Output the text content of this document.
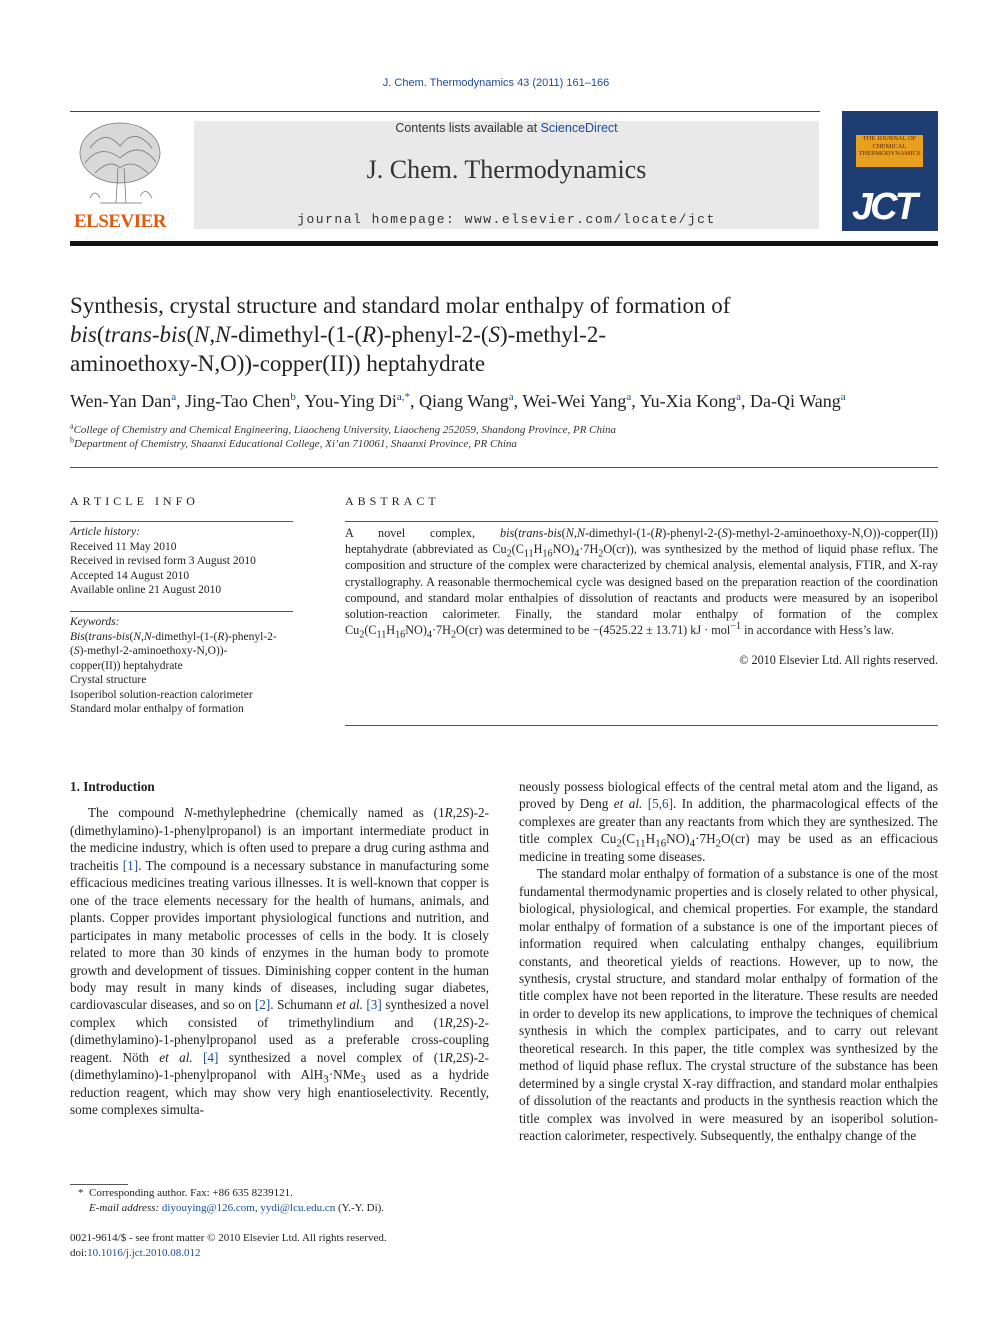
J. Chem. Thermodynamics 43 (2011) 161–166
ELSEVIER
Contents lists available at ScienceDirect
J. Chem. Thermodynamics
journal homepage: www.elsevier.com/locate/jct
THE JOURNAL OF CHEMICAL THERMODYNAMICS
JCT
Synthesis, crystal structure and standard molar enthalpy of formation of
bis(trans-bis(N,N-dimethyl-(1-(R)-phenyl-2-(S)-methyl-2-
aminoethoxy-N,O))-copper(II)) heptahydrate
Wen-Yan Dan$^a$, Jing-Tao Chen$^b$, You-Ying $Di^{a,*}$, Qiang Wang$^a$, Wei-Wei Yang$^a$, Yu-Xia Kong$^a$, Da-Qi Wang$^a$
$^a$College of Chemistry and Chemical Engineering, Liaocheng University, Liaocheng 252059, Shandong Province, PR China
$^b$Department of Chemistry, Shaanxi Educational College, Xi’an 710061, Shaanxi Province, PR China
ARTICLE INFO
Article history:
Received 11 May 2010
Received in revised form 3 August 2010
Accepted 14 August 2010
Available online 21 August 2010
Keywords:
Bis(trans-bis(N,N-dimethyl-(1-(R)-phenyl-2-
(S)-methyl-2-aminoethoxy-N,O))-
copper(II)) heptahydrate
Crystal structure
Isoperibol solution-reaction calorimeter
Standard molar enthalpy of formation
ABSTRACT
A novel complex, bis(trans-bis(N,N-dimethyl-(1-(R)-phenyl-2-(S)-methyl-2-aminoethoxy-N,O))-copper(II)) heptahydrate (abbreviated as $Cu_2(C_{11}H_{16}NO)_4\cdot 7H_2O(cr)$), was synthesized by the method of liquid phase reflux. The composition and structure of the complex were characterized by chemical analysis, elemental analysis, FTIR, and X-ray crystallography. A reasonable thermochemical cycle was designed based on the preparation reaction of the coordination compound, and standard molar enthalpies of dissolution of reactants and products were measured by an isoperibol solution-reaction calorimeter. Finally, the standard molar enthalpy of formation of the complex $Cu_2(C_{11}H_{16}NO)_4\cdot 7H_2O(cr)$ was determined to be −(4525.22 ± 13.71) kJ · mol$^{-1}$ in accordance with Hess’s law.
© 2010 Elsevier Ltd. All rights reserved.

1. Introduction

The compound N-methylephedrine (chemically named as (1R,2S)-2-(dimethylamino)-1-phenylpropanol) is an important intermediate product in the medicine industry, which is often used to prepare a drug curing asthma and tracheitis [1]. The compound is a necessary substance in manufacturing some efficacious medicines treating various illnesses. It is well-known that copper is one of the trace elements necessary for the health of humans, animals, and plants. Copper provides important physiological functions and nutrition, and participates in many metabolic processes of cells in the body. It is closely related to more than 30 kinds of enzymes in the human body to promote growth and development of tissues. Diminishing copper content in the human body may result in many kinds of diseases, including sugar diabetes, cardiovascular diseases, and so on [2]. Schumann et al. [3] synthesized a novel complex which consisted of trimethylindium and (1R,2S)-2-(dimethylamino)-1-phenylpropanol used as a preferable cross-coupling reagent. Nöth et al. [4] synthesized a novel complex of (1R,2S)-2-(dimethylamino)-1-phenylpropanol with AlH$_3$·NMe$_3$ used as a hydride reduction reagent, which may show very high enantioselectivity. Recently, some complexes simulta-

neously possess biological effects of the central metal atom and the ligand, as proved by Deng et al. [5,6]. In addition, the pharmacological effects of the complexes are greater than any reactants from which they are synthesized. The title complex $Cu_2(C_{11}H_{16}NO)_4\cdot 7H_2O(cr)$ may be used as an efficacious medicine in treating some diseases.

The standard molar enthalpy of formation of a substance is one of the most fundamental thermodynamic properties and is closely related to other physical, biological, physiological, and chemical properties. For example, the standard molar enthalpy of formation of a substance is one of the important pieces of information required when calculating enthalpy changes, equilibrium constants, and theoretical yields of reactions. However, up to now, the synthesis, crystal structure, and standard molar enthalpy of formation of the title complex have not been reported in the literature. These results are needed in order to develop its new applications, to improve the techniques of chemical synthesis in which the complex participates, and to carry out relevant theoretical research. In this paper, the title complex was synthesized by the method of liquid phase reflux. The crystal structure of the substance has been determined by a single crystal X-ray diffraction, and standard molar enthalpies of dissolution of the reactants and products in the synthesis reaction which the title complex was involved in were measured by an isoperibol solution-reaction calorimeter, respectively. Subsequently, the enthalpy change of the

*  Corresponding author. Fax: +86 635 8239121.
E-mail address: diyouying@126.com, yydi@lcu.edu.cn (Y.-Y. Di).
0021-9614/$ - see front matter © 2010 Elsevier Ltd. All rights reserved.
doi:10.1016/j.jct.2010.08.012
